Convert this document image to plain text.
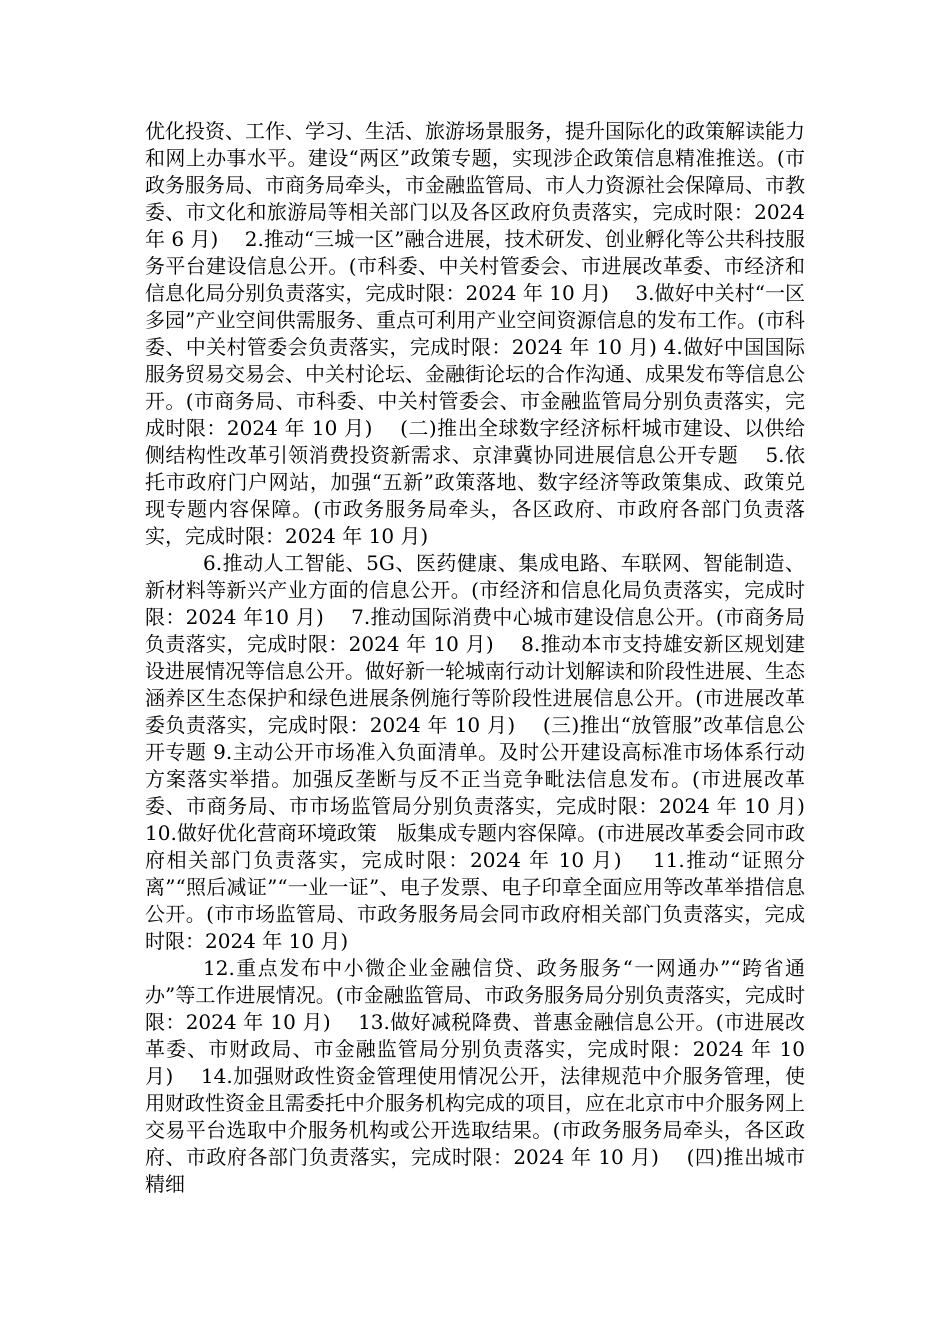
优化投资、工作、学习、生活、旅游场景服务，提升国际化的政策解读能力和网上办事水平。建设“两区”政策专题，实现涉企政策信息精准推送。(市政务服务局、市商务局牵头，市金融监管局、市人力资源社会保障局、市教委、市文化和旅游局等相关部门以及各区政府负责落实，完成时限：2024 年 6 月)　 2.推动“三城一区”融合进展，技术研发、创业孵化等公共科技服务平台建设信息公开。(市科委、中关村管委会、市进展改革委、市经济和信息化局分别负责落实，完成时限：2024 年 10 月)　 3.做好中关村“一区多园”产业空间供需服务、重点可利用产业空间资源信息的发布工作。(市科委、中关村管委会负责落实，完成时限：2024 年 10 月) 4.做好中国国际服务贸易交易会、中关村论坛、金融街论坛的合作沟通、成果发布等信息公开。(市商务局、市科委、中关村管委会、市金融监管局分别负责落实，完成时限：2024 年 10 月)　 (二)推出全球数字经济标杆城市建设、以供给侧结构性改革引领消费投资新需求、京津冀协同进展信息公开专题　 5.依托市政府门户网站，加强“五新”政策落地、数字经济等政策集成、政策兑现专题内容保障。(市政务服务局牵头，各区政府、市政府各部门负责落实，完成时限：2024 年 10 月)

6.推动人工智能、5G、医药健康、集成电路、车联网、智能制造、新材料等新兴产业方面的信息公开。(市经济和信息化局负责落实，完成时限：2024 年10 月)　 7.推动国际消费中心城市建设信息公开。(市商务局负责落实，完成时限：2024 年 10 月)　 8.推动本市支持雄安新区规划建设进展情况等信息公开。做好新一轮城南行动计划解读和阶段性进展、生态涵养区生态保护和绿色进展条例施行等阶段性进展信息公开。(市进展改革委负责落实，完成时限：2024 年 10 月)　 (三)推出“放管服”改革信息公开专题 9.主动公开市场准入负面清单。及时公开建设高标准市场体系行动方案落实举措。加强反垄断与反不正当竞争毗法信息发布。(市进展改革委、市商务局、市市场监管局分别负责落实，完成时限：2024 年 10 月)　 10.做好优化营商环境政策　版集成专题内容保障。(市进展改革委会同市政府相关部门负责落实，完成时限：2024 年 10 月)　 11.推动“证照分离”“照后减证”“一业一证”、电子发票、电子印章全面应用等改革举措信息公开。(市市场监管局、市政务服务局会同市政府相关部门负责落实，完成时限：2024 年 10 月)

12.重点发布中小微企业金融信贷、政务服务“一网通办”“跨省通办”等工作进展情况。(市金融监管局、市政务服务局分别负责落实，完成时限：2024 年 10 月)　 13.做好减税降费、普惠金融信息公开。(市进展改革委、市财政局、市金融监管局分别负责落实，完成时限：2024 年 10 月)　 14.加强财政性资金管理使用情况公开，法律规范中介服务管理，使用财政性资金且需委托中介服务机构完成的项目，应在北京市中介服务网上交易平台选取中介服务机构或公开选取结果。(市政务服务局牵头，各区政府、市政府各部门负责落实，完成时限：2024 年 10 月)　 (四)推出城市精细
